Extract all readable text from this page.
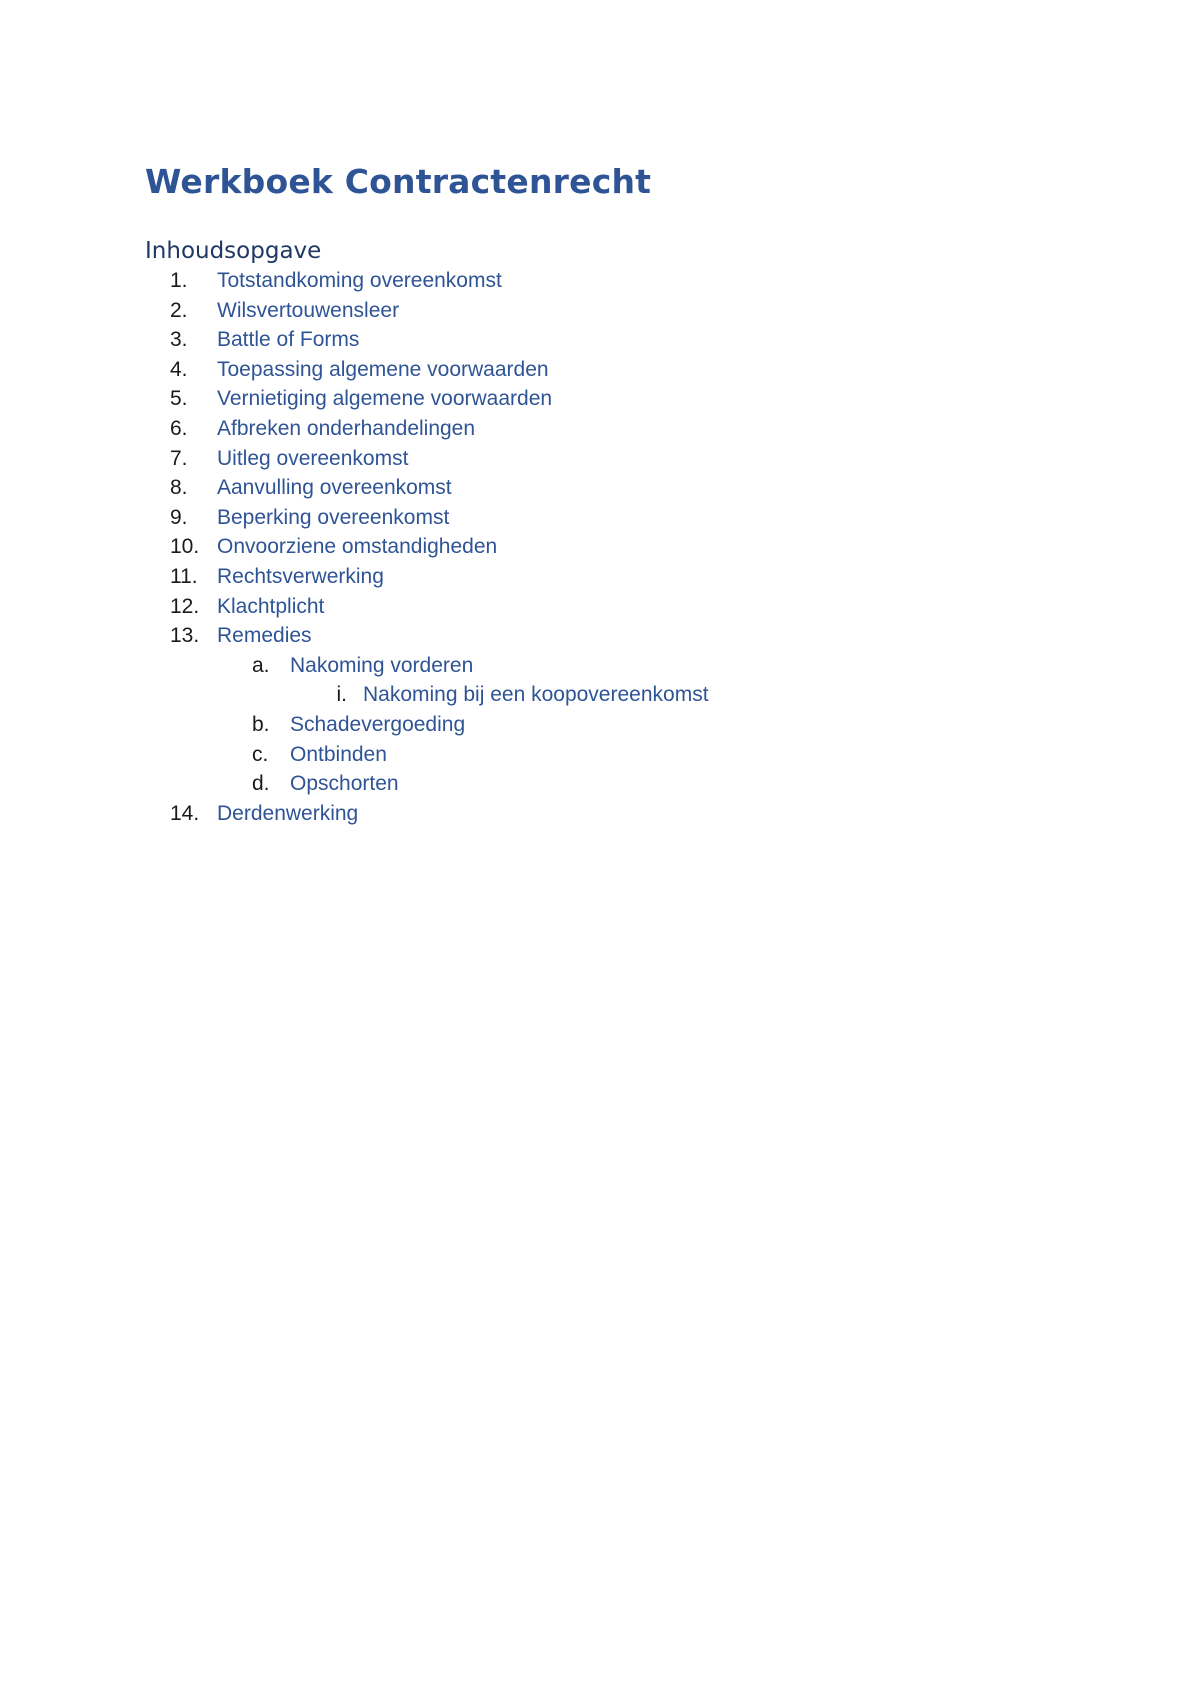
Werkboek Contractenrecht
Inhoudsopgave
1.	Totstandkoming overeenkomst
2.	Wilsvertouwensleer
3.	Battle of Forms
4.	Toepassing algemene voorwaarden
5.	Vernietiging algemene voorwaarden
6.	Afbreken onderhandelingen
7.	Uitleg overeenkomst
8.	Aanvulling overeenkomst
9.	Beperking overeenkomst
10. Onvoorziene omstandigheden
11. Rechtsverwerking
12. Klachtplicht
13. Remedies
a. Nakoming vorderen
i. Nakoming bij een koopovereenkomst
b. Schadevergoeding
c.	Ontbinden
d. Opschorten
14. Derdenwerking
